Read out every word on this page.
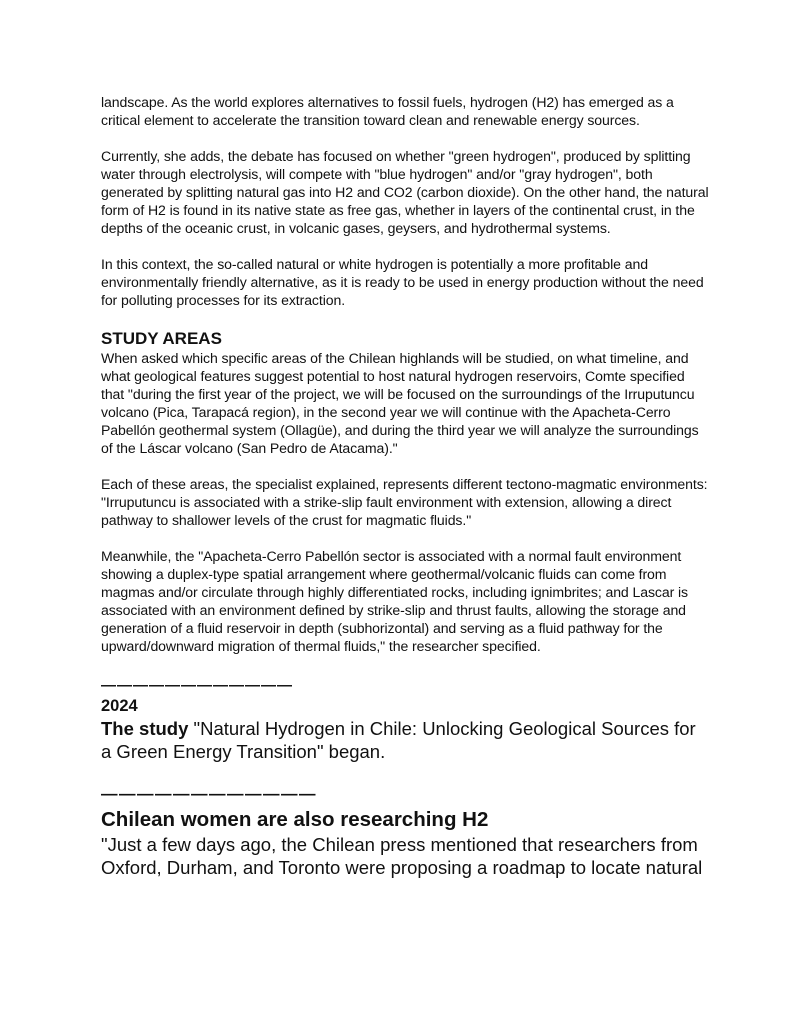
landscape. As the world explores alternatives to fossil fuels, hydrogen (H2) has emerged as a critical element to accelerate the transition toward clean and renewable energy sources.

Currently, she adds, the debate has focused on whether "green hydrogen", produced by splitting water through electrolysis, will compete with "blue hydrogen" and/or "gray hydrogen", both generated by splitting natural gas into H2 and CO2 (carbon dioxide). On the other hand, the natural form of H2 is found in its native state as free gas, whether in layers of the continental crust, in the depths of the oceanic crust, in volcanic gases, geysers, and hydrothermal systems.

In this context, the so-called natural or white hydrogen is potentially a more profitable and environmentally friendly alternative, as it is ready to be used in energy production without the need for polluting processes for its extraction.

STUDY AREAS

When asked which specific areas of the Chilean highlands will be studied, on what timeline, and what geological features suggest potential to host natural hydrogen reservoirs, Comte specified that "during the first year of the project, we will be focused on the surroundings of the Irruputuncu volcano (Pica, Tarapacá region), in the second year we will continue with the Apacheta-Cerro Pabellón geothermal system (Ollagüe), and during the third year we will analyze the surroundings of the Láscar volcano (San Pedro de Atacama)."

Each of these areas, the specialist explained, represents different tectono-magmatic environments: "Irruputuncu is associated with a strike-slip fault environment with extension, allowing a direct pathway to shallower levels of the crust for magmatic fluids."

Meanwhile, the "Apacheta-Cerro Pabellón sector is associated with a normal fault environment showing a duplex-type spatial arrangement where geothermal/volcanic fluids can come from magmas and/or circulate through highly differentiated rocks, including ignimbrites; and Lascar is associated with an environment defined by strike-slip and thrust faults, allowing the storage and generation of a fluid reservoir in depth (subhorizontal) and serving as a fluid pathway for the upward/downward migration of thermal fluids," the researcher specified.

————————————

2024

The study "Natural Hydrogen in Chile: Unlocking Geological Sources for a Green Energy Transition" began.

————————————

Chilean women are also researching H2

"Just a few days ago, the Chilean press mentioned that researchers from Oxford, Durham, and Toronto were proposing a roadmap to locate natural
